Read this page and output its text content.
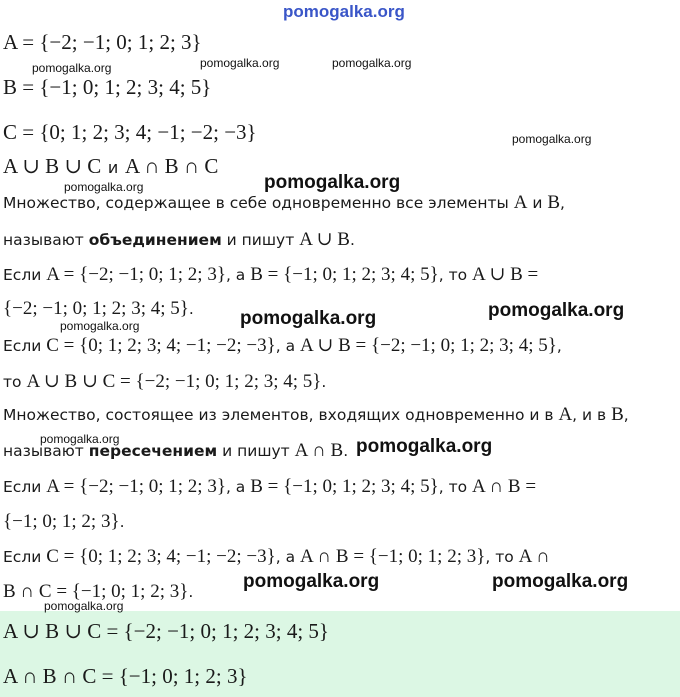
pomogalka.org
A = {−2; −1; 0; 1; 2; 3}
B = {−1; 0; 1; 2; 3; 4; 5}
C = {0; 1; 2; 3; 4; −1; −2; −3}
A ∪ B ∪ C и A ∩ B ∩ C
Множество, содержащее в себе одновременно все элементы A и B,
называют объединением и пишут A ∪ B.
Если A = {−2; −1; 0; 1; 2; 3}, а B = {−1; 0; 1; 2; 3; 4; 5}, то A ∪ B =
{−2; −1; 0; 1; 2; 3; 4; 5}.
Если C = {0; 1; 2; 3; 4; −1; −2; −3}, а A ∪ B = {−2; −1; 0; 1; 2; 3; 4; 5},
то A ∪ B ∪ C = {−2; −1; 0; 1; 2; 3; 4; 5}.
Множество, состоящее из элементов, входящих одновременно и в A, и в B,
называют пересечением и пишут A ∩ B.
Если A = {−2; −1; 0; 1; 2; 3}, а B = {−1; 0; 1; 2; 3; 4; 5}, то A ∩ B =
{−1; 0; 1; 2; 3}.
Если C = {0; 1; 2; 3; 4; −1; −2; −3}, а A ∩ B = {−1; 0; 1; 2; 3}, то A ∩
B ∩ C = {−1; 0; 1; 2; 3}.
A ∪ B ∪ C = {−2; −1; 0; 1; 2; 3; 4; 5}
A ∩ B ∩ C = {−1; 0; 1; 2; 3}
pomogalka.org	pomogalka.org	pomogalka.org
pomogalka.org
pomogalka.org	pomogalka.org
pomogalka.org
pomogalka.org
pomogalka.org
pomogalka.org	pomogalka.org
pomogalka.org	pomogalka.org
pomogalka.org
